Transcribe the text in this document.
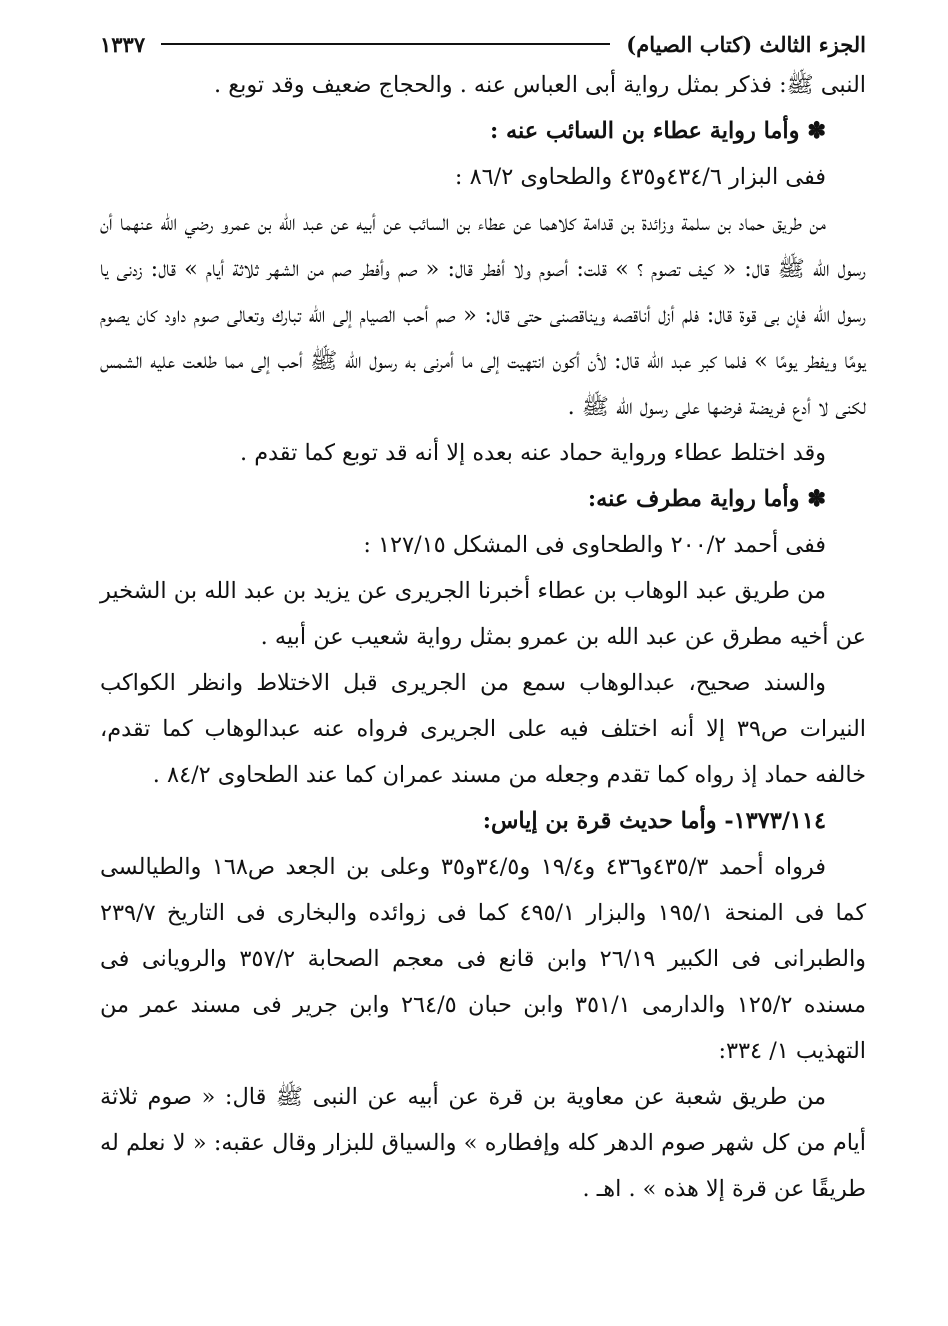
الجزء الثالث (كتاب الصيام)
١٣٣٧

النبى ﷺ: فذكر بمثل رواية أبى العباس عنه . والحجاج ضعيف وقد توبع .

✽ وأما رواية عطاء بن السائب عنه :

ففى البزار ٤٣٤/٦و٤٣٥ والطحاوى ٨٦/٢ :

من طريق حماد بن سلمة وزائدة بن قدامة كلاهما عن عطاء بن السائب عن أبيه عن عبد الله بن عمرو رضي الله عنهما أن رسول الله ﷺ قال: « كيف تصوم ؟ » قلت: أصوم ولا أفطر قال: « صم وأفطر صم من الشهر ثلاثة أيام » قال: زدنى يا رسول الله فإن بى قوة قال: فلم أزل أناقصه ويناقصنى حتى قال: « صم أحب الصيام إلى الله تبارك وتعالى صوم داود كان يصوم يومًا ويفطر يومًا » فلما كبر عبد الله قال: لأن أكون انتهيت إلى ما أمرنى به رسول الله ﷺ أحب إلى مما طلعت عليه الشمس لكنى لا أدع فريضة فرضها على رسول الله ﷺ .

وقد اختلط عطاء ورواية حماد عنه بعده إلا أنه قد توبع كما تقدم .

✽ وأما رواية مطرف عنه:

ففى أحمد ٢٠٠/٢ والطحاوى فى المشكل ١٢٧/١٥ :

من طريق عبد الوهاب بن عطاء أخبرنا الجريرى عن يزيد بن عبد الله بن الشخير عن أخيه مطرق عن عبد الله بن عمرو بمثل رواية شعيب عن أبيه .

والسند صحيح، عبدالوهاب سمع من الجريرى قبل الاختلاط وانظر الكواكب النيرات ص٣٩ إلا أنه اختلف فيه على الجريرى فرواه عنه عبدالوهاب كما تقدم، خالفه حماد إذ رواه كما تقدم وجعله من مسند عمران كما عند الطحاوى ٨٤/٢ .

١٣٧٣/١١٤- وأما حديث قرة بن إياس:

فرواه أحمد ٤٣٥/٣و٤٣٦ و١٩/٤ و٣٤/٥و٣٥ وعلى بن الجعد ص١٦٨ والطيالسى كما فى المنحة ١٩٥/١ والبزار ٤٩٥/١ كما فى زوائده والبخارى فى التاريخ ٢٣٩/٧ والطبرانى فى الكبير ٢٦/١٩ وابن قانع فى معجم الصحابة ٣٥٧/٢ والرويانى فى مسنده ١٢٥/٢ والدارمى ٣٥١/١ وابن حبان ٢٦٤/٥ وابن جرير فى مسند عمر من التهذيب ١/ ٣٣٤:

من طريق شعبة عن معاوية بن قرة عن أبيه عن النبى ﷺ قال: « صوم ثلاثة أيام من كل شهر صوم الدهر كله وإفطاره » والسياق للبزار وقال عقبه: « لا نعلم له طريقًا عن قرة إلا هذه » . اهـ .
